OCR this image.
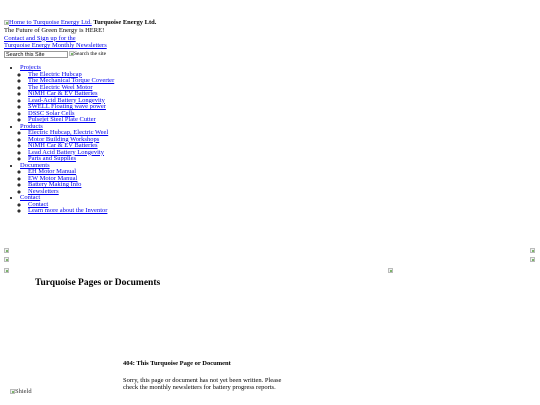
Home to Turquoise Energy Ltd. Turquoise Energy Ltd.
The Future of Green Energy is HERE!
Contact and Sign up for the
Turquoise Energy Monthly Newsletters
Search this Site
Search the site
• Projects
◦ The Electric Hubcap
◦ The Mechanical Torque Coverter
◦ The Electric Weel Motor
◦ NiMH Car & EV Batteries
◦ Lead-Acid Battery Longevity
◦ SWELL Floating wave power
◦ DSSC Solar Cells
◦ Pulsejet Steel Plate Cutter
• Products
◦ Electric Hubcap, Electric Weel
◦ Motor Building Workshops
◦ NiMH Car & EV Batteries
◦ Lead Acid Battery Longevity
◦ Parts and Supplies
• Documents
◦ EH Motor Manual
◦ EW Motor Manual
◦ Battery Making Info
◦ Newsletters
• Contact
◦ Contact
◦ Learn more about the Inventor
Turquoise Pages or Documents
404: This Turquoise Page or Document

Sorry, this page or document has not yet been written. Please check the monthly newsletters for battery progress reports.

Shield
